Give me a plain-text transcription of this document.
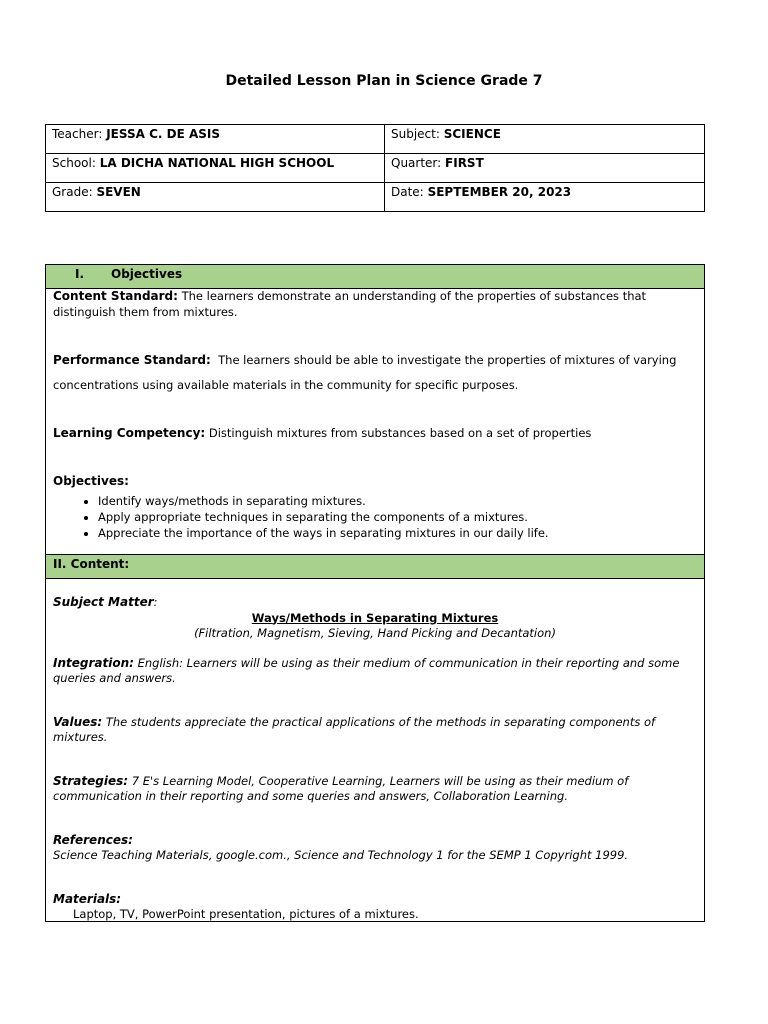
Detailed Lesson Plan in Science Grade 7
Teacher: JESSA C. DE ASIS	Subject: SCIENCE
School: LA DICHA NATIONAL HIGH SCHOOL	Quarter: FIRST
Grade: SEVEN	Date: SEPTEMBER 20, 2023
I. Objectives

Content Standard: The learners demonstrate an understanding of the properties of substances that distinguish them from mixtures.

Performance Standard: The learners should be able to investigate the properties of mixtures of varying

concentrations using available materials in the community for specific purposes.

Learning Competency: Distinguish mixtures from substances based on a set of properties

Objectives:

• Identify ways/methods in separating mixtures.
• Apply appropriate techniques in separating the components of a mixtures.
• Appreciate the importance of the ways in separating mixtures in our daily life.
II. Content:

Subject Matter:

Ways/Methods in Separating Mixtures

(Filtration, Magnetism, Sieving, Hand Picking and Decantation)

Integration: English: Learners will be using as their medium of communication in their reporting and some queries and answers.

Values: The students appreciate the practical applications of the methods in separating components of mixtures.

Strategies: 7 E's Learning Model, Cooperative Learning, Learners will be using as their medium of communication in their reporting and some queries and answers, Collaboration Learning.

References:

Science Teaching Materials, google.com., Science and Technology 1 for the SEMP 1 Copyright 1999.

Materials:

Laptop, TV, PowerPoint presentation, pictures of a mixtures.
